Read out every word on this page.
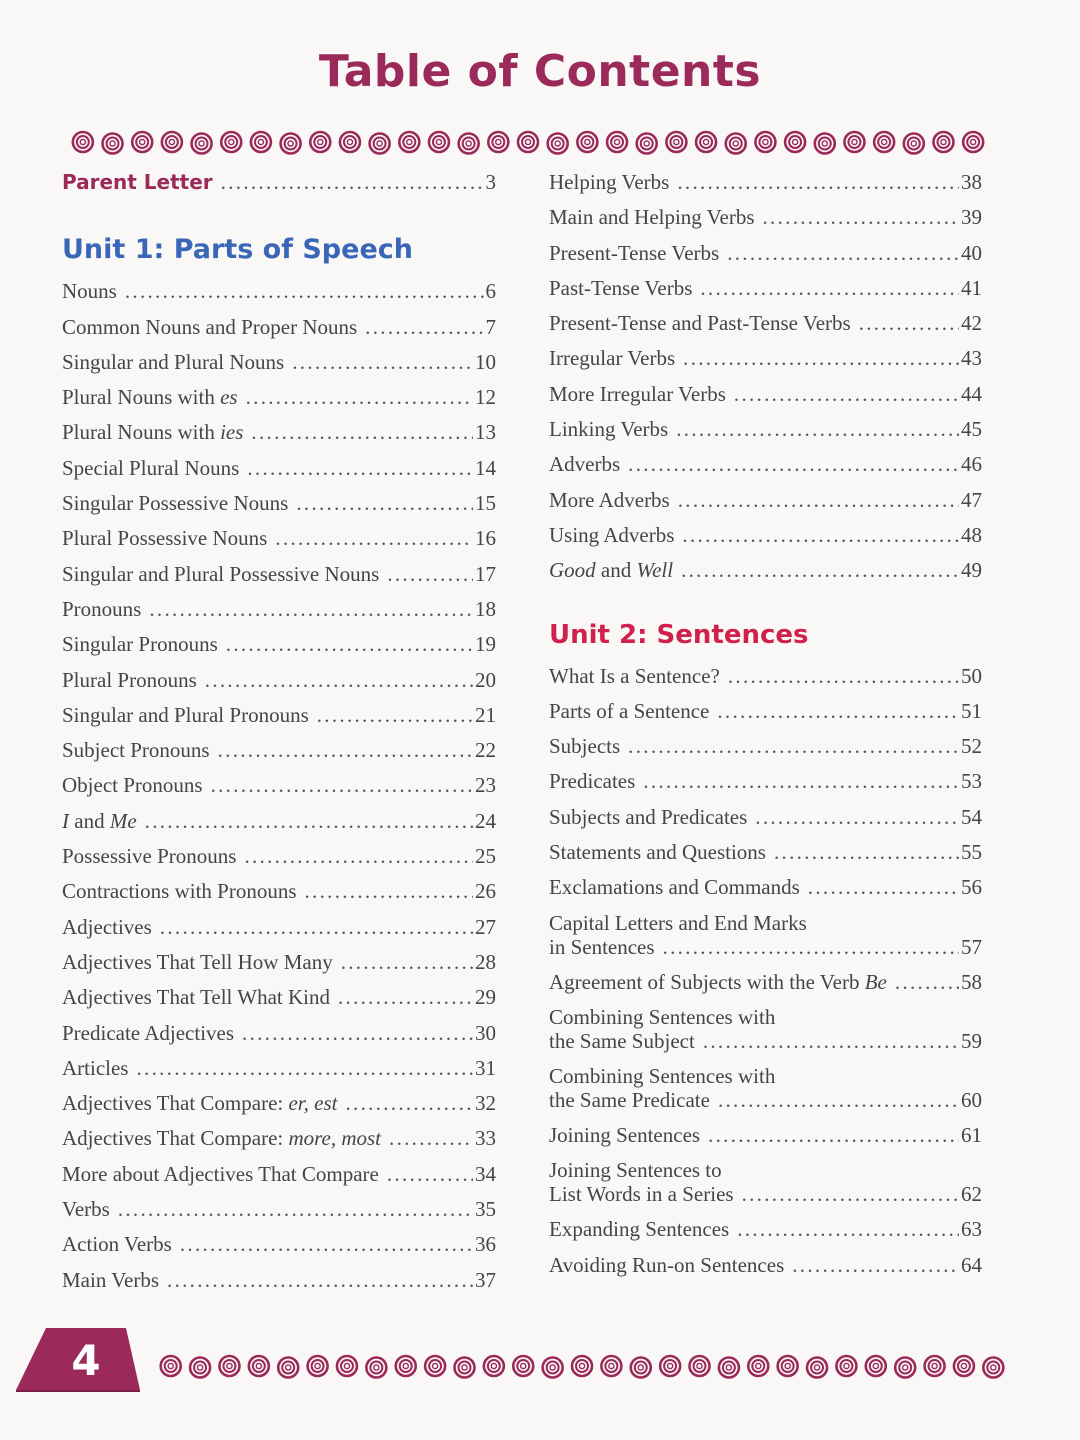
Table of Contents
Parent Letter .....	3
Unit 1: Parts of Speech
Nouns .....	6
Common Nouns and Proper Nouns .....	7
Singular and Plural Nouns .....	10
Plural Nouns with es .....	12
Plural Nouns with ies .....	13
Special Plural Nouns .....	14
Singular Possessive Nouns .....	15
Plural Possessive Nouns .....	16
Singular and Plural Possessive Nouns .....	17
Pronouns .....	18
Singular Pronouns .....	19
Plural Pronouns .....	20
Singular and Plural Pronouns .....	21
Subject Pronouns .....	22
Object Pronouns .....	23
I and Me .....	24
Possessive Pronouns .....	25
Contractions with Pronouns .....	26
Adjectives .....	27
Adjectives That Tell How Many .....	28
Adjectives That Tell What Kind .....	29
Predicate Adjectives .....	30
Articles .....	31
Adjectives That Compare: er, est .....	32
Adjectives That Compare: more, most .....	33
More about Adjectives That Compare .....	34
Verbs .....	35
Action Verbs .....	36
Main Verbs .....	37
Helping Verbs .....	38
Main and Helping Verbs .....	39
Present-Tense Verbs .....	40
Past-Tense Verbs .....	41
Present-Tense and Past-Tense Verbs .....	42
Irregular Verbs .....	43
More Irregular Verbs .....	44
Linking Verbs .....	45
Adverbs .....	46
More Adverbs .....	47
Using Adverbs .....	48
Good and Well .....	49
Unit 2: Sentences
What Is a Sentence? .....	50
Parts of a Sentence .....	51
Subjects .....	52
Predicates .....	53
Subjects and Predicates .....	54
Statements and Questions .....	55
Exclamations and Commands .....	56
Capital Letters and End Marks
in Sentences .....	57
Agreement of Subjects with the Verb Be .....	58
Combining Sentences with
the Same Subject .....	59
Combining Sentences with
the Same Predicate .....	60
Joining Sentences .....	61
Joining Sentences to
List Words in a Series .....	62
Expanding Sentences .....	63
Avoiding Run-on Sentences .....	64
4
